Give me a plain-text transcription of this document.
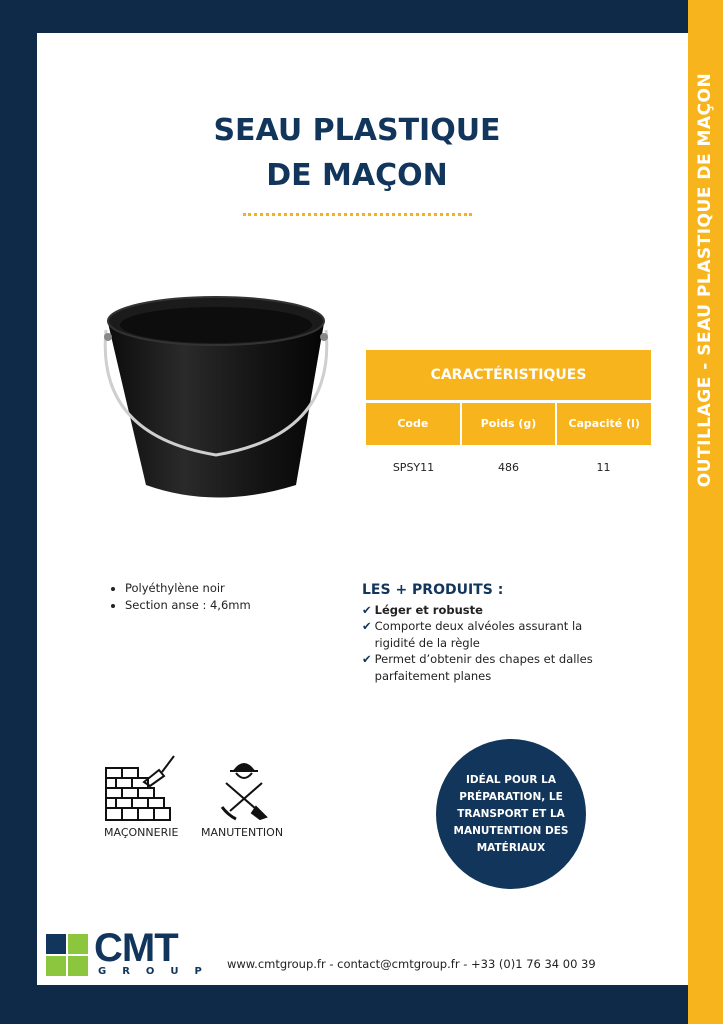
OUTILLAGE - SEAU PLASTIQUE DE MAÇON
SEAU PLASTIQUE
DE MAÇON
CARACTÉRISTIQUES
Code	Poids (g)	Capacité (l)
SPSY11	486	11
• Polyéthylène noir
• Section anse : 4,6mm
LES + PRODUITS :
✔ Léger et robuste
✔ Comporte deux alvéoles assurant la rigidité de la règle
✔ Permet d’obtenir des chapes et dalles parfaitement planes
MAÇONNERIE MANUTENTION
IDÉAL POUR LA PRÉPARATION, LE TRANSPORT ET LA MANUTENTION DES MATÉRIAUX
CMT
GROUP
www.cmtgroup.fr - contact@cmtgroup.fr - +33 (0)1 76 34 00 39
